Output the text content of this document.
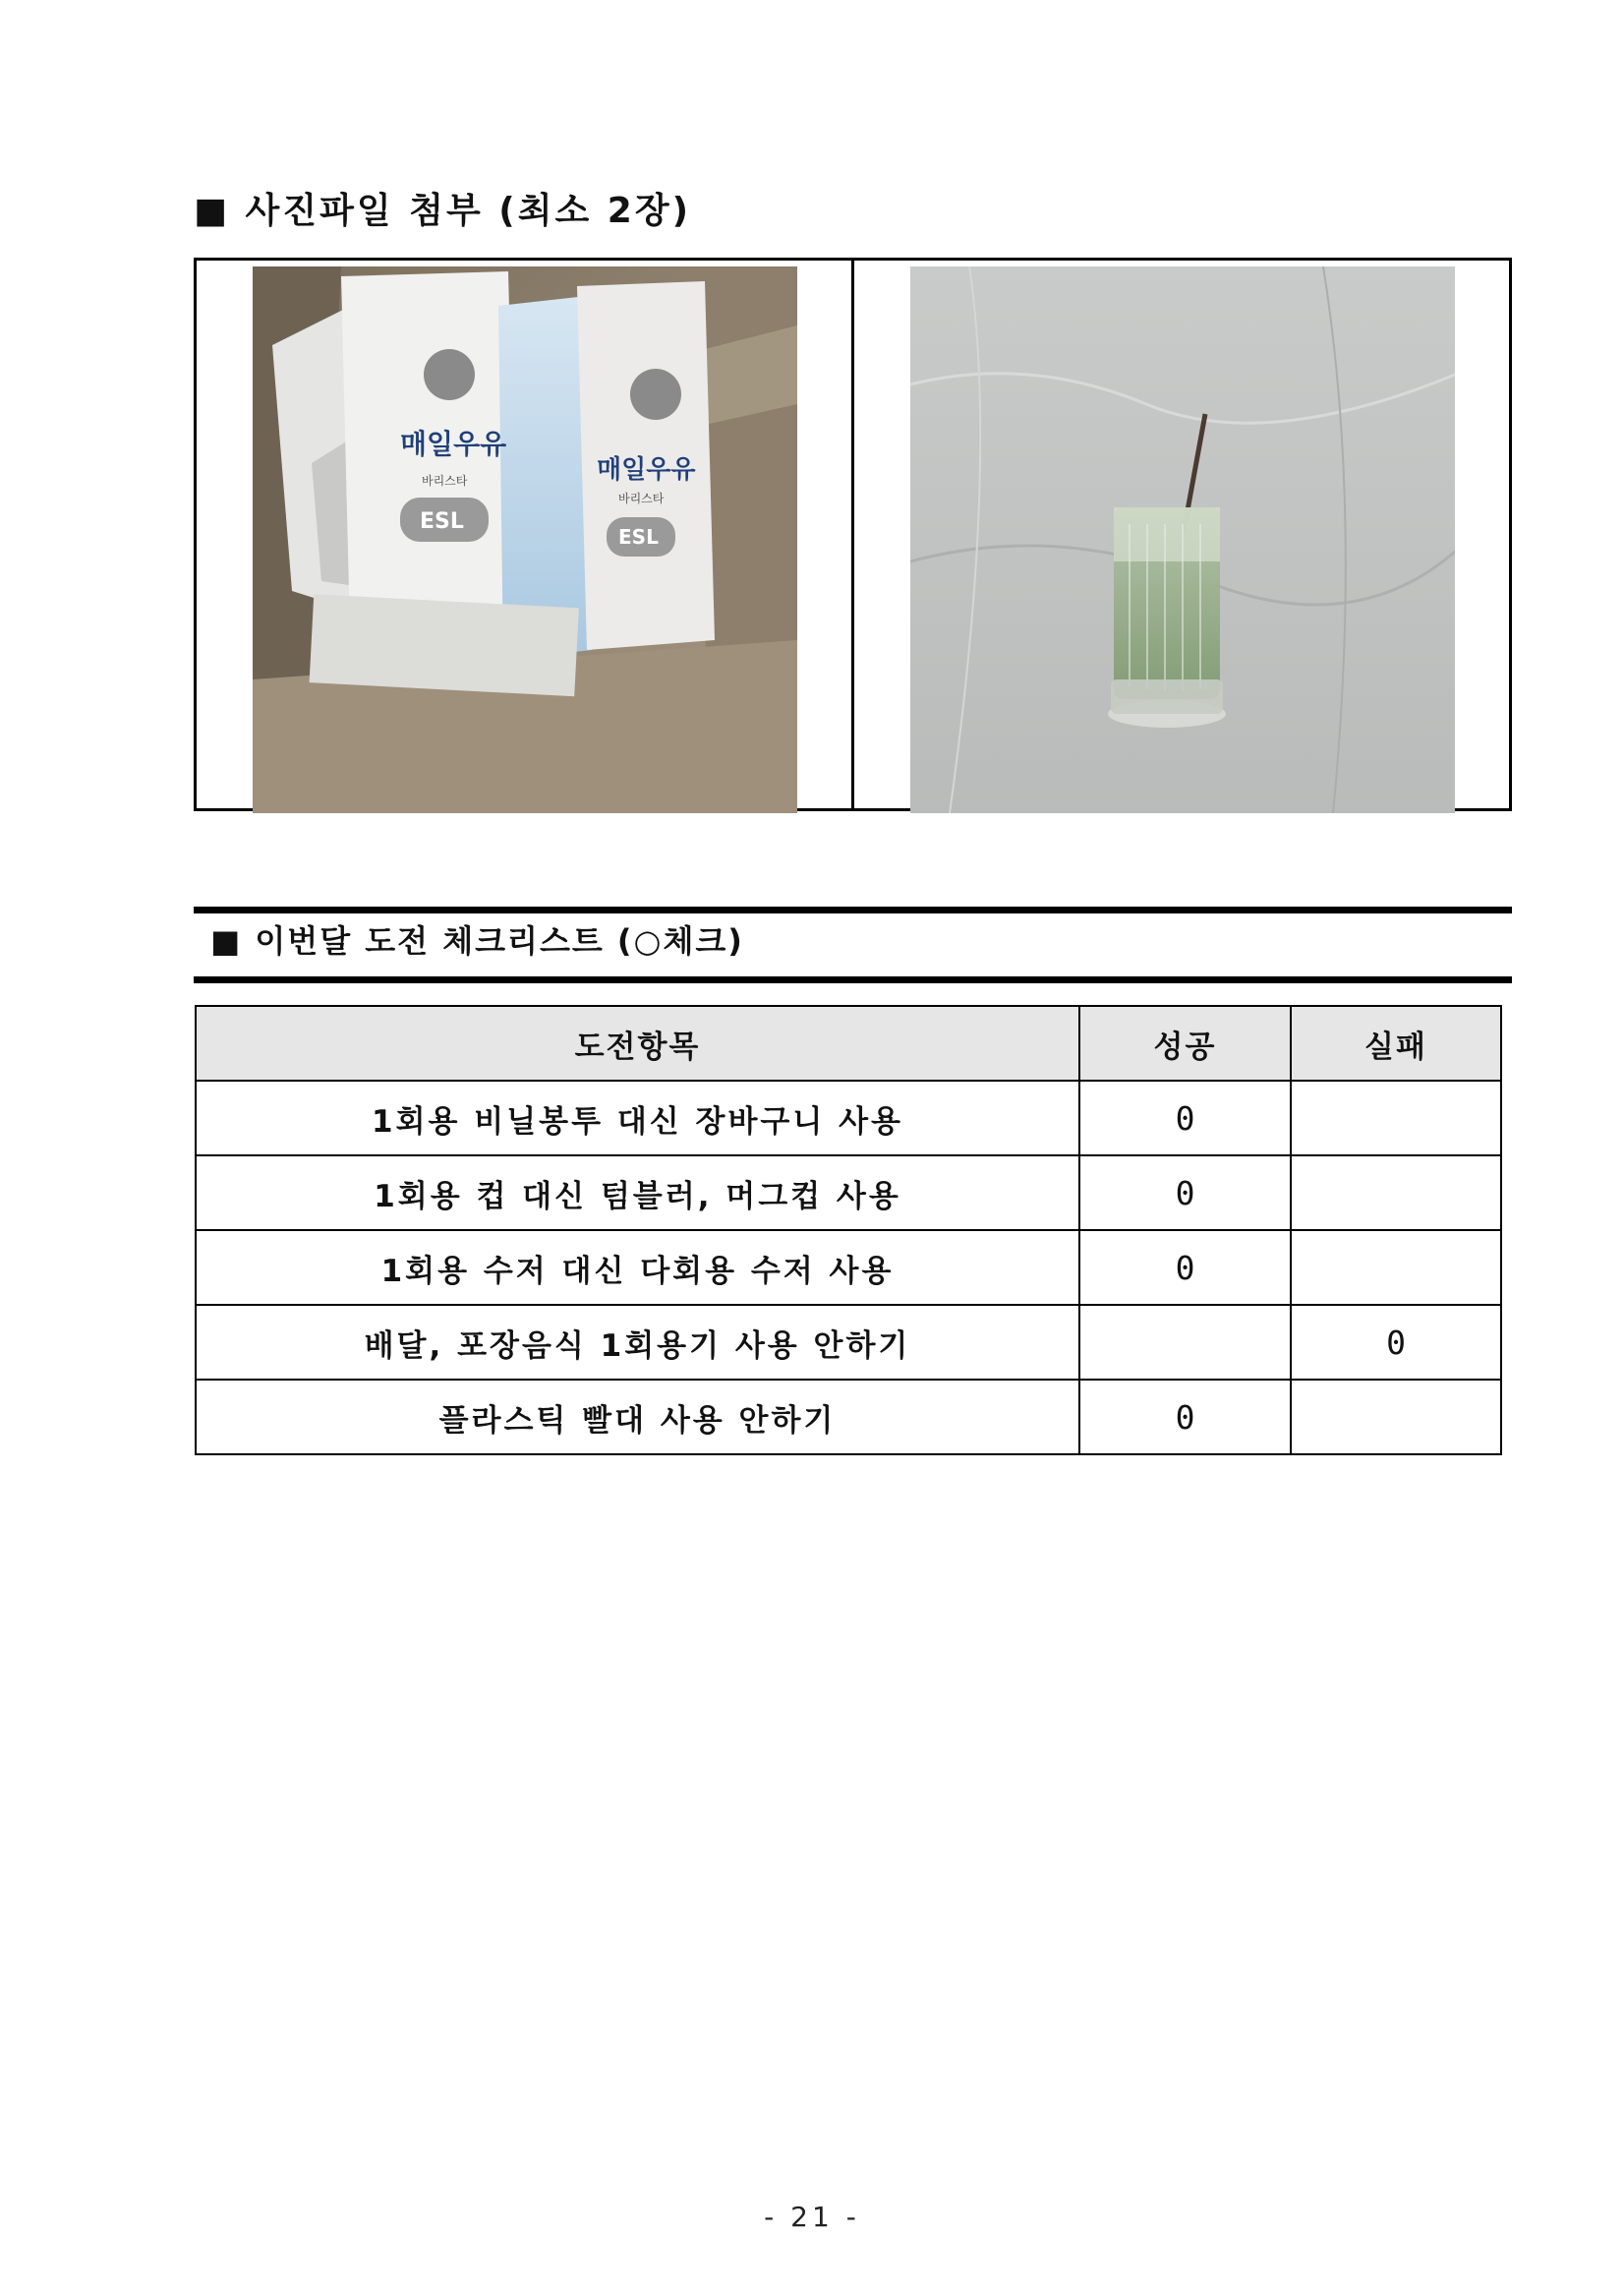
■ 사진파일 첨부 (최소 2장)
매일우유
매일우유
ESL
ESL
바리스타
바리스타
■ 이번달 도전 체크리스트 (○체크)
도전항목	성공	실패
1회용 비닐봉투 대신 장바구니 사용	0	
1회용 컵 대신 텀블러, 머그컵 사용	0	
1회용 수저 대신 다회용 수저 사용	0	
배달, 포장음식 1회용기 사용 안하기		0
플라스틱 빨대 사용 안하기	0	
- 21 -
